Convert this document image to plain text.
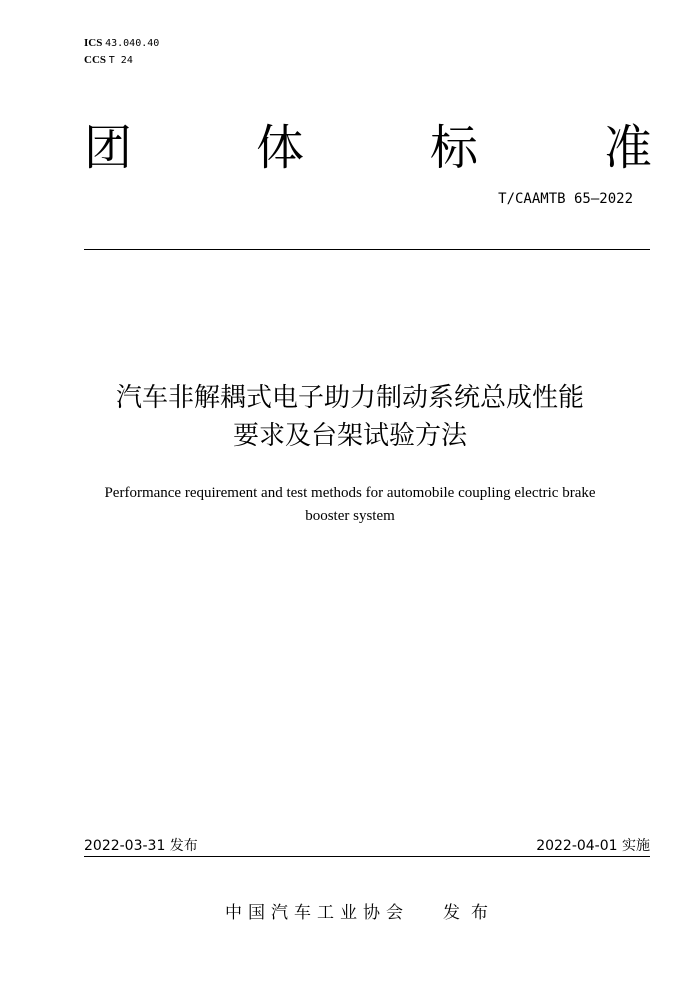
ICS 43.040.40
CCS T 24
团	体	标	准
T/CAAMTB 65—2022
汽车非解耦式电子助力制动系统总成性能
要求及台架试验方法
Performance requirement and test methods for automobile coupling electric brake
booster system
2022-03-31 发布	2022-04-01 实施
中国汽车工业协会 发布
